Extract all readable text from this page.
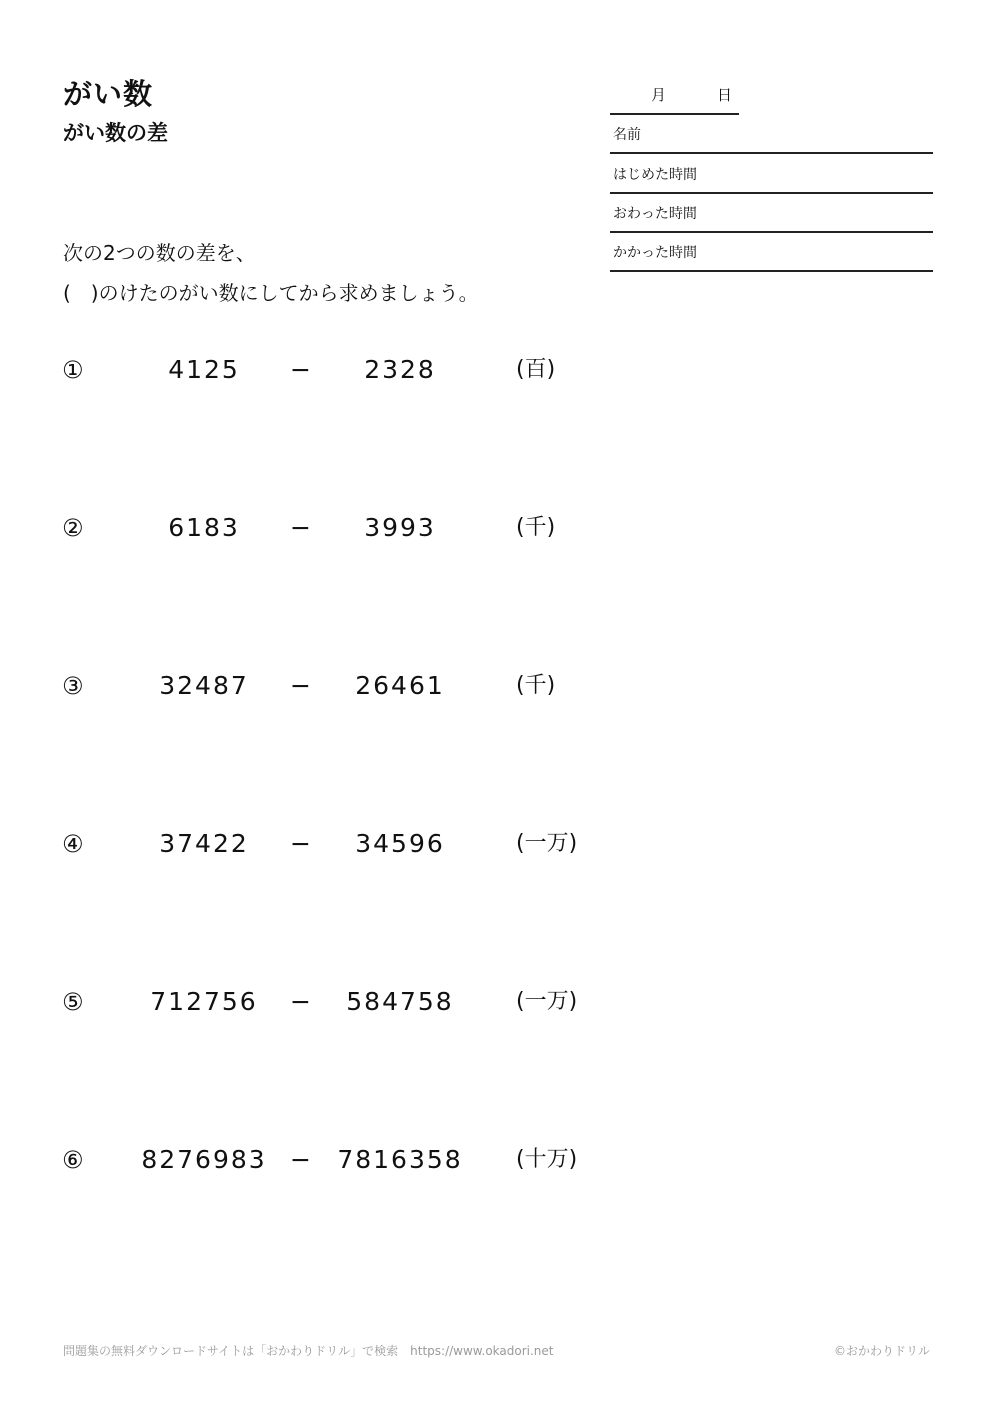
がい数
がい数の差
月	日
名前
はじめた時間
おわった時間
かかった時間
次の2つの数の差を、
(　)のけたのがい数にしてから求めましょう。
①	4125	−	2328	(百)
②	6183	−	3993	(千)
③	32487	−	26461	(千)
④	37422	−	34596	(一万)
⑤	712756	−	584758	(一万)
⑥	8276983 −	7816358	(十万)
問題集の無料ダウンロードサイトは「おかわりドリル」で検索　https://www.okadori.net	©おかわりドリル
